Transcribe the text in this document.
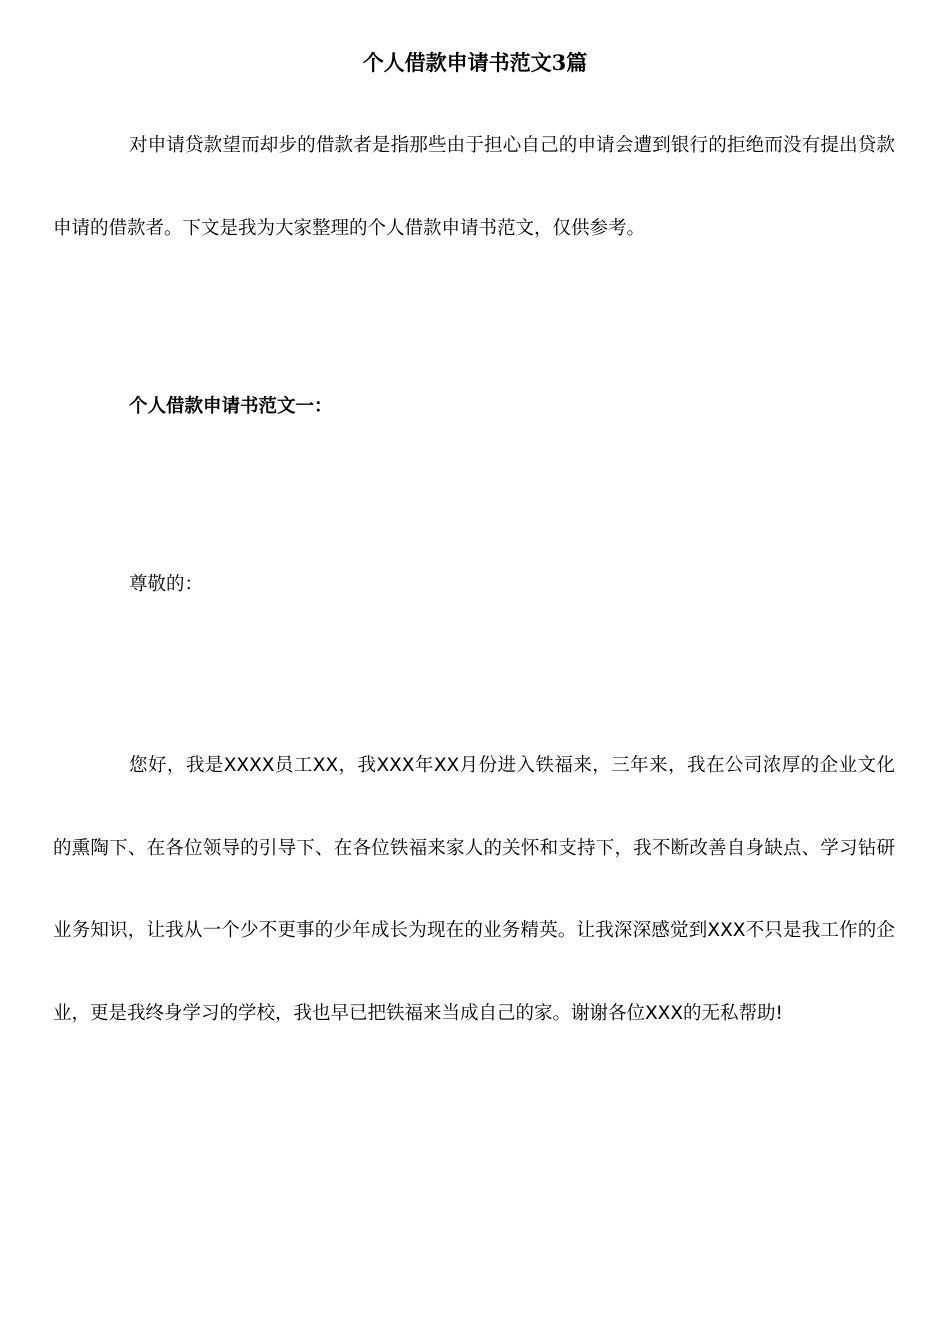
个人借款申请书范文3篇

对申请贷款望而却步的借款者是指那些由于担心自己的申请会遭到银行的拒绝而没有提出贷款申请的借款者。下文是我为大家整理的个人借款申请书范文，仅供参考。

个人借款申请书范文一：

尊敬的：

您好，我是XXXX员工XX，我XXX年XX月份进入铁福来，三年来，我在公司浓厚的企业文化的熏陶下、在各位领导的引导下、在各位铁福来家人的关怀和支持下，我不断改善自身缺点、学习钻研业务知识，让我从一个少不更事的少年成长为现在的业务精英。让我深深感觉到XXX不只是我工作的企业，更是我终身学习的学校，我也早已把铁福来当成自己的家。谢谢各位XXX的无私帮助!
